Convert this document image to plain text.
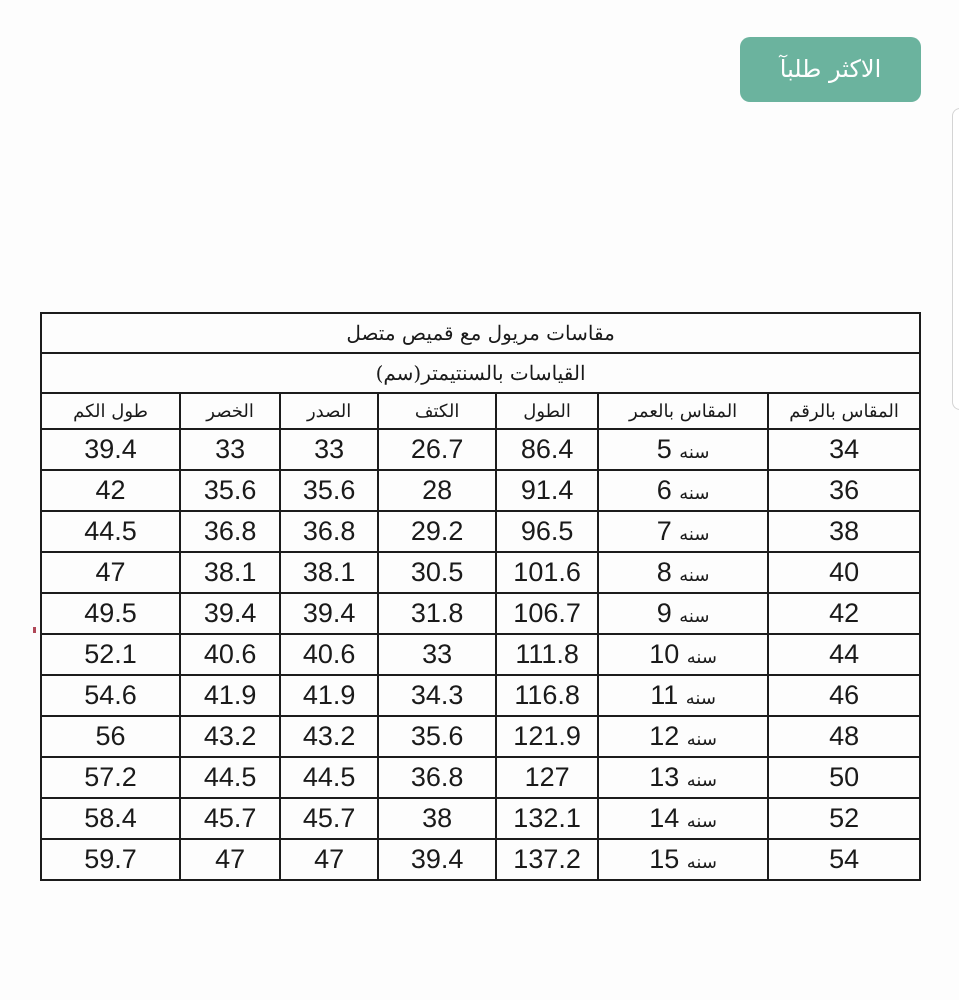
الاكثر طلبآ
مقاسات مريول مع قميص متصل						
القياسات بالسنتيمتر(سم)						
المقاس بالرقم	المقاس بالعمر	الطول	الكتف	الصدر	الخصر	طول الكم
34	سنه 5	86.4	26.7	33	33	39.4
36	سنه 6	91.4	28	35.6	35.6	42
38	سنه 7	96.5	29.2	36.8	36.8	44.5
40	سنه 8	101.6	30.5	38.1	38.1	47
42	سنه 9	106.7	31.8	39.4	39.4	49.5
44	سنه 10	111.8	33	40.6	40.6	52.1
46	سنه 11	116.8	34.3	41.9	41.9	54.6
48	سنه 12	121.9	35.6	43.2	43.2	56
50	سنه 13	127	36.8	44.5	44.5	57.2
52	سنه 14	132.1	38	45.7	45.7	58.4
54	سنه 15	137.2	39.4	47	47	59.7
